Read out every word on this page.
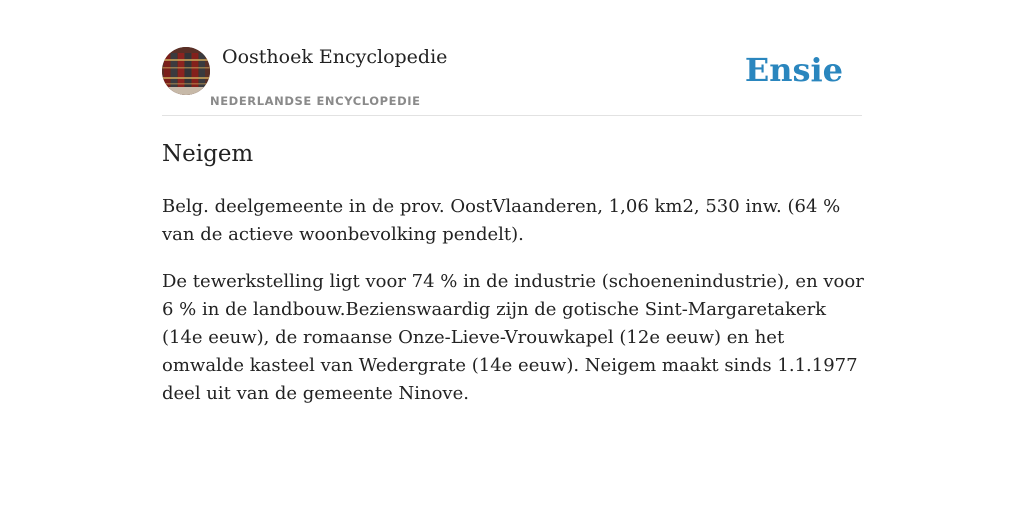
Oosthoek Encyclopedie
NEDERLANDSE ENCYCLOPEDIE
Ensie
Neigem

Belg. deelgemeente in de prov. OostVlaanderen, 1,06 km2, 530 inw. (64 % van de actieve woonbevolking pendelt).

De tewerkstelling ligt voor 74 % in de industrie (schoenenindustrie), en voor 6 % in de landbouw.Bezienswaardig zijn de gotische Sint-Margaretakerk (14e eeuw), de romaanse Onze-Lieve-Vrouwkapel (12e eeuw) en het omwalde kasteel van Wedergrate (14e eeuw). Neigem maakt sinds 1.1.1977 deel uit van de gemeente Ninove.
